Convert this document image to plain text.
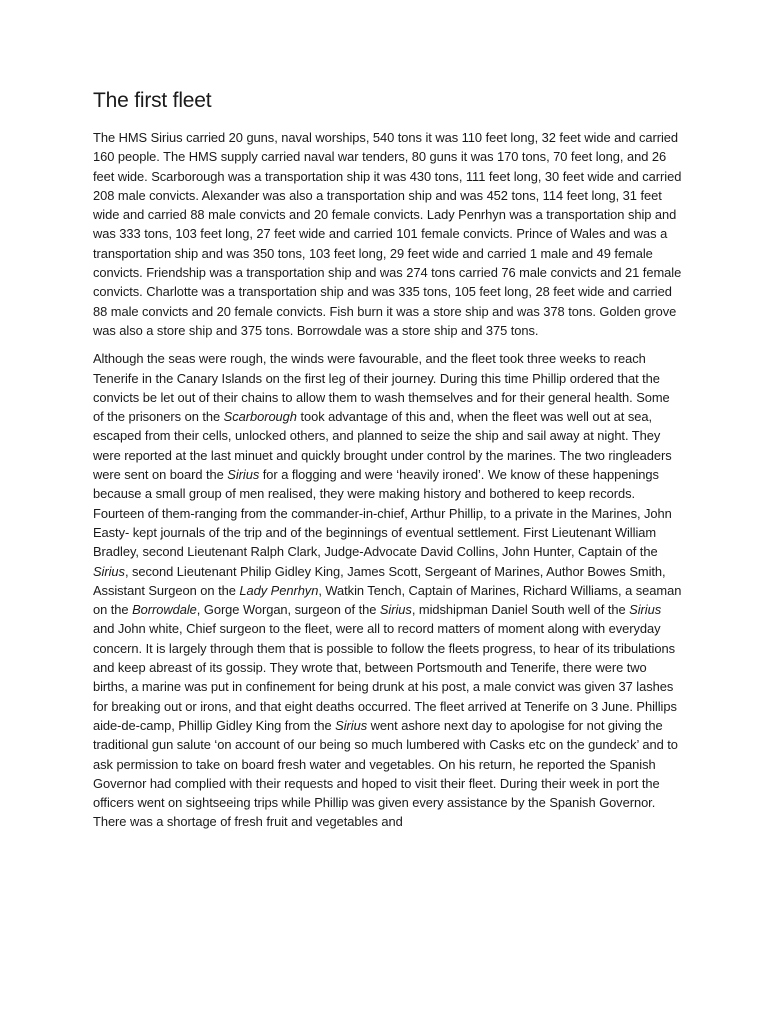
The first fleet

The HMS Sirius carried 20 guns, naval worships, 540 tons it was 110 feet long, 32 feet wide and carried 160 people. The HMS supply carried naval war tenders, 80 guns it was 170 tons, 70 feet long, and 26 feet wide. Scarborough was a transportation ship it was 430 tons, 111 feet long, 30 feet wide and carried 208 male convicts. Alexander was also a transportation ship and was 452 tons, 114 feet long, 31 feet wide and carried 88 male convicts and 20 female convicts. Lady Penrhyn was a transportation ship and was 333 tons, 103 feet long, 27 feet wide and carried 101 female convicts. Prince of Wales and was a transportation ship and was 350 tons, 103 feet long, 29 feet wide and carried 1 male and 49 female convicts. Friendship was a transportation ship and was 274 tons carried 76 male convicts and 21 female convicts. Charlotte was a transportation ship and was 335 tons, 105 feet long, 28 feet wide and carried 88 male convicts and 20 female convicts. Fish burn it was a store ship and was 378 tons. Golden grove was also a store ship and 375 tons. Borrowdale was a store ship and 375 tons.

Although the seas were rough, the winds were favourable, and the fleet took three weeks to reach Tenerife in the Canary Islands on the first leg of their journey. During this time Phillip ordered that the convicts be let out of their chains to allow them to wash themselves and for their general health. Some of the prisoners on the Scarborough took advantage of this and, when the fleet was well out at sea, escaped from their cells, unlocked others, and planned to seize the ship and sail away at night. They were reported at the last minuet and quickly brought under control by the marines. The two ringleaders were sent on board the Sirius for a flogging and were ‘heavily ironed’. We know of these happenings because a small group of men realised, they were making history and bothered to keep records. Fourteen of them-ranging from the commander-in-chief, Arthur Phillip, to a private in the Marines, John Easty- kept journals of the trip and of the beginnings of eventual settlement. First Lieutenant William Bradley, second Lieutenant Ralph Clark, Judge-Advocate David Collins, John Hunter, Captain of the Sirius, second Lieutenant Philip Gidley King, James Scott, Sergeant of Marines, Author Bowes Smith, Assistant Surgeon on the Lady Penrhyn, Watkin Tench, Captain of Marines, Richard Williams, a seaman on the Borrowdale, Gorge Worgan, surgeon of the Sirius, midshipman Daniel South well of the Sirius and John white, Chief surgeon to the fleet, were all to record matters of moment along with everyday concern. It is largely through them that is possible to follow the fleets progress, to hear of its tribulations and keep abreast of its gossip. They wrote that, between Portsmouth and Tenerife, there were two births, a marine was put in confinement for being drunk at his post, a male convict was given 37 lashes for breaking out or irons, and that eight deaths occurred. The fleet arrived at Tenerife on 3 June. Phillips aide-de-camp, Phillip Gidley King from the Sirius went ashore next day to apologise for not giving the traditional gun salute ‘on account of our being so much lumbered with Casks etc on the gundeck’ and to ask permission to take on board fresh water and vegetables. On his return, he reported the Spanish Governor had complied with their requests and hoped to visit their fleet. During their week in port the officers went on sightseeing trips while Phillip was given every assistance by the Spanish Governor. There was a shortage of fresh fruit and vegetables and
